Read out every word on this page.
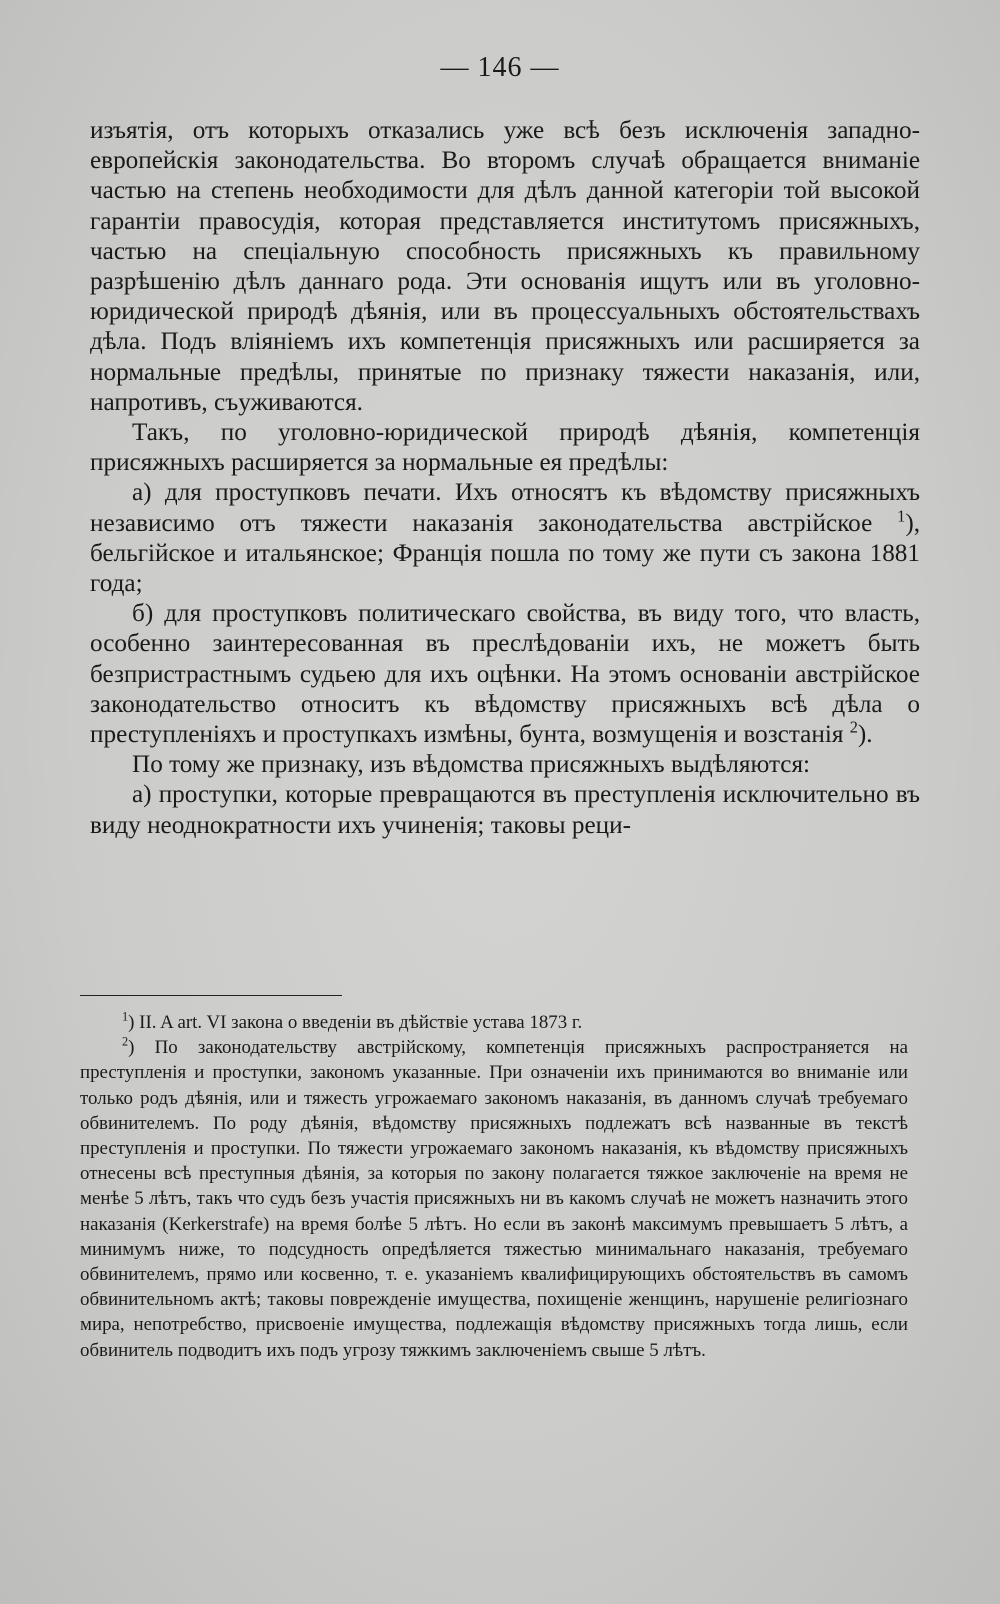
— 146 —

изъятія, отъ которыхъ отказались уже всѣ безъ исключенія западно-европейскія законодательства. Во второмъ случаѣ обращается вниманіе частью на степень необходимости для дѣлъ данной категоріи той высокой гарантіи правосудія, которая представляется институтомъ присяжныхъ, частью на спеціальную способность присяжныхъ къ правильному разрѣшенію дѣлъ даннаго рода. Эти основанія ищутъ или въ уголовно-юридической природѣ дѣянія, или въ процессуальныхъ обстоятельствахъ дѣла. Подъ вліяніемъ ихъ компетенція присяжныхъ или расширяется за нормальные предѣлы, принятые по признаку тяжести наказанія, или, напротивъ, съуживаются.

Такъ, по уголовно-юридической природѣ дѣянія, компетенція присяжныхъ расширяется за нормальные ея предѣлы:

а) для проступковъ печати. Ихъ относятъ къ вѣдомству присяжныхъ независимо отъ тяжести наказанія законодательства австрійское $^1$), бельгійское и итальянское; Франція пошла по тому же пути съ закона 1881 года;

б) для проступковъ политическаго свойства, въ виду того, что власть, особенно заинтересованная въ преслѣдованіи ихъ, не можетъ быть безпристрастнымъ судьею для ихъ оцѣнки. На этомъ основаніи австрійское законодательство относитъ къ вѣдомству присяжныхъ всѣ дѣла о преступленіяхъ и проступкахъ измѣны, бунта, возмущенія и возстанія $^2$).

По тому же признаку, изъ вѣдомства присяжныхъ выдѣляются:

а) проступки, которые превращаются въ преступленія исключительно въ виду неоднократности ихъ учиненія; таковы реци-

$^1$) II. A art. VI закона о введеніи въ дѣйствіе устава 1873 г.

$^2$) По законодательству австрійскому, компетенція присяжныхъ распространяется на преступленія и проступки, закономъ указанные. При означеніи ихъ принимаются во вниманіе или только родъ дѣянія, или и тяжесть угрожаемаго закономъ наказанія, въ данномъ случаѣ требуемаго обвинителемъ. По роду дѣянія, вѣдомству присяжныхъ подлежатъ всѣ названные въ текстѣ преступленія и проступки. По тяжести угрожаемаго закономъ наказанія, къ вѣдомству присяжныхъ отнесены всѣ преступныя дѣянія, за которыя по закону полагается тяжкое заключеніе на время не менѣе 5 лѣтъ, такъ что судъ безъ участія присяжныхъ ни въ какомъ случаѣ не можетъ назначить этого наказанія (Kerkerstrafe) на время болѣе 5 лѣтъ. Но если въ законѣ максимумъ превышаетъ 5 лѣтъ, а минимумъ ниже, то подсудность опредѣляется тяжестью минимальнаго наказанія, требуемаго обвинителемъ, прямо или косвенно, т. е. указаніемъ квалифицирующихъ обстоятельствъ въ самомъ обвинительномъ актѣ; таковы поврежденіе имущества, похищеніе женщинъ, нарушеніе религіознаго мира, непотребство, присвоеніе имущества, подлежащія вѣдомству присяжныхъ тогда лишь, если обвинитель подводитъ ихъ подъ угрозу тяжкимъ заключеніемъ свыше 5 лѣтъ.
